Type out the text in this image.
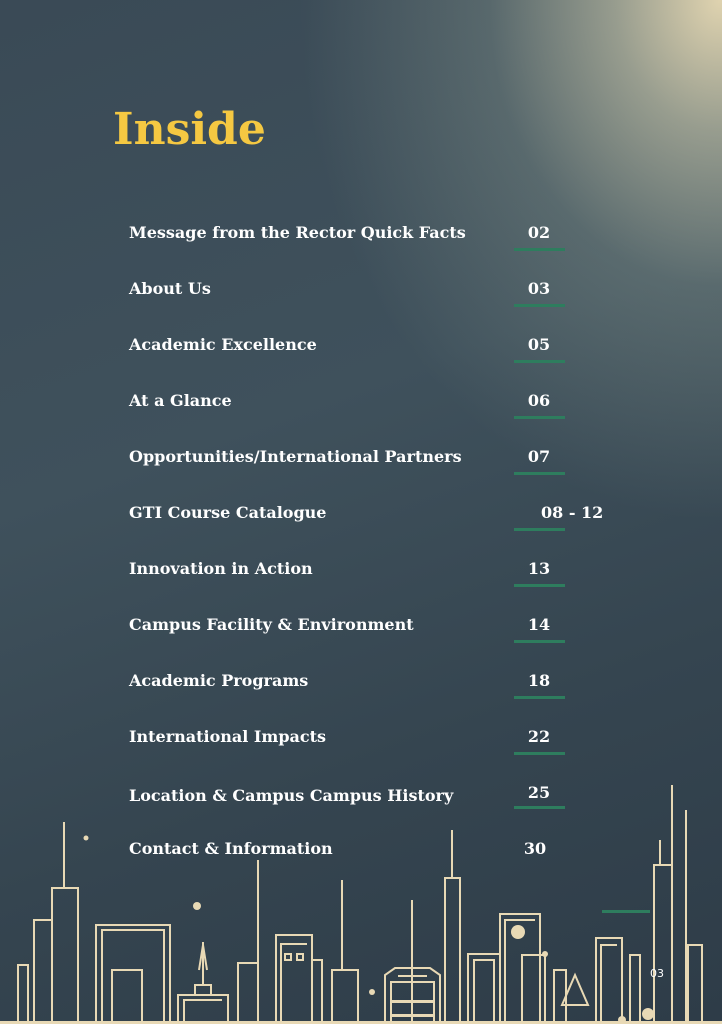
Inside
Message from the Rector Quick Facts	02
About Us	03
Academic Excellence	05
At a Glance	06
Opportunities/International Partners	07
GTI Course Catalogue	08 - 12
Innovation in Action	13
Campus Facility & Environment	14
Academic Programs	18
International Impacts	22
Location & Campus Campus History	25
Contact & Information	30
03
